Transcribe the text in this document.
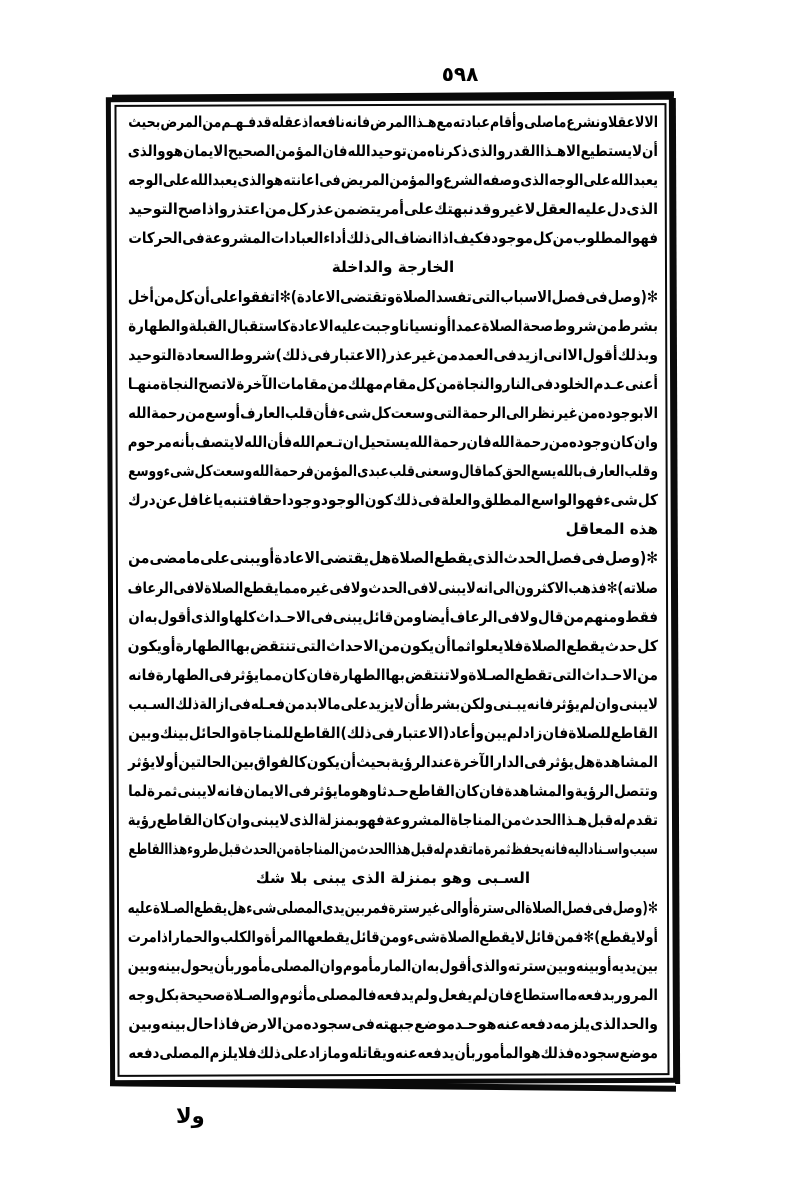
٥٩٨
الا
لاعقلا
ونشرع
ما
صلى
وأقام
عبادته
مع
هـذا
المرض
فانه
نافعه
اذ
عقله
قد
فـهـم
من
المرض
بحيث
أن
لا
يستطيع
الاهـذا
القدر
والذى
ذكرناه
من
توحيد
الله
فان
المؤمن
الصحيح
الايمان
هو
والذى
يعبد
الله
على
الوجه
الذى
وصفه
الشرع
والمؤمن
المريض
فى
اعانته
هو
الذى
يعبد
الله
على
الوجه
الذى
دل
عليه
العقل
لا
غير
وقد
نبهتك
على
أمر
يتضمن
عذر
كل
من
اعتذر
واذا
صح
التوحيد
فهو
المطلوب
من
كل
موجود
فكيف
اذا
انضاف
الى
ذلك
أداء
العبادات
المشروعة
فى
الحركات
الخارجة والداخلة
✻(وصل
فى
فصل
الاسباب
التى
تفسد
الصلاة
وتقتضى
الاعادة)✻
اتفقوا
على
أن
كل
من
أخل
بشرط
من
شروط
صحة
الصلاة
عمدا
أو
نسيانا
وجبت
عليه
الاعادة
كاستقبال
القبلة
والطهارة
وبذلك
أقول
الا
انى
ازيد
فى
العمد
من
غير
عذر
(الاعتبار
فى
ذلك)
شروط
السعادة
التوحيد
أعنى
عـدم
الخلود
فى
النار
والنجاة
من
كل
مقام
مهلك
من
مقامات
الآخرة
لا
تصح
النجاة
منهـا
الا
بوجوده
من
غير
نظر
الى
الرحمة
التى
وسعت
كل
شىء
فأن
قلب
العارف
أوسع
من
رحمة
الله
وان
كان
وجوده
من
رحمة
الله
فان
رحمة
الله
يستحيل
ان
تـعم
الله
فأن
الله
لا
يتصف
بأنه
مرحوم
وقلب
العارف
بالله
يسع
الحق
كما
قال
وسعنى
قلب
عبدى
المؤمن
فرحمة
الله
وسعت
كل
شىء
ووسع
كل
شىء
فهو
الواسع
المطلق
والعلة
فى
ذلك
كون
الوجود
وجودا
حقا
فتنبه
يا
غافل
عن
درك
هذه المعاقل
✻(وصل
فى
فصل
الحدث
الذى
يقطع
الصلاة
هل
يقتضى
الاعادة
أو
يبنى
على
ما
مضى
من
صلاته)✻
فذهب
الاكثرون
الى
انه
لا
يبنى
لا
فى
الحدث
ولا
فى
غيره
مما
يقطع
الصلاة
لا
فى
الرعاف
فقط
ومنهم
من
قال
ولا
فى
الرعاف
أيضا
ومن
قائل
يبنى
فى
الاحـداث
كلها
والذى
أقول
به
ان
كل
حدث
يقطع
الصلاة
فلا
يعلوا
ثما
أن
يكون
من
الاحداث
التى
تنتقض
بها
الطهارة
أو
يكون
من
الاحـداث
التى
تقطع
الصـلاة
ولا
تنتقض
بها
الطهارة
فان
كان
مما
يؤثر
فى
الطهارة
فانه
لا
يبنى
وان
لم
يؤثر
فانه
يبـنى
ولكن
بشرط
أن
لا
يزيد
على
ما
لابد
من
فعـله
فى
ازالة
ذلك
السـبب
القاطع
للصلاة
فان
زاد
لم
يبن
وأعاد
(الاعتبار
فى
ذلك)
القاطع
للمناجاة
والحائل
بينك
وبين
المشاهدة
هل
يؤثر
فى
الدار
الآخرة
عند
الرؤية
بحيث
أن
يكون
كالفواق
بين
الحالتين
أو
لا
يؤثر
وتتصل
الرؤية
والمشاهدة
فان
كان
القاطع
حـدثا
وهو
ما
يؤثر
فى
الايمان
فانه
لا
يبنى
ثمرة
لما
تقدم
له
قبل
هـذا
الحدث
من
المناجاة
المشروعة
فهو
بمنزلة
الذى
لا
يبنى
وان
كان
القاطع
رؤية
سبب
واسـناد
اليه
فانه
يحفظ
ثمرة
ما
تقدم
له
قبل
هذا
الحدث
من
المناجاة
من
الحدث
قبل
طروء
هذا
القاطع
السـبى وهو بمنزلة الذى يبنى بلا شك
✻(وصل
فى
فصل
الصلاة
الى
سترة
أوالى
غير
سترة
فمر
بين
يدى
المصلى
شىء
هل
يقطع
الصـلاة
عليه
أو
لا
يقطع)✻
فمن
قائل
لا
يقطع
الصلاة
شىء
ومن
قائل
يقطعها
المرأة
والكلب
والحمار
اذا
مرت
بين
يديه
أو
بينه
وبين
سترته
والذى
أقول
به
ان
المار
مأموم
وان
المصلى
مأمور
بأن
يحول
بينه
وبين
المرور
بدفعه
ما
استطاع
فان
لم
يفعل
ولم
يدفعه
فالمصلى
مأثوم
والصـلاة
صحيحة
بكل
وجه
والحد
الذى
يلزمه
دفعه
عنه
هو
حـد
موضع
جبهته
فى
سجوده
من
الارض
فاذا
حال
بينه
وبين
موضع
سجوده
فذلك
هو
المأمور
بأن
يدفعه
عنه
ويقاتله
وما
زاد
على
ذلك
فلا
يلزم
المصلى
دفعه
ولا
